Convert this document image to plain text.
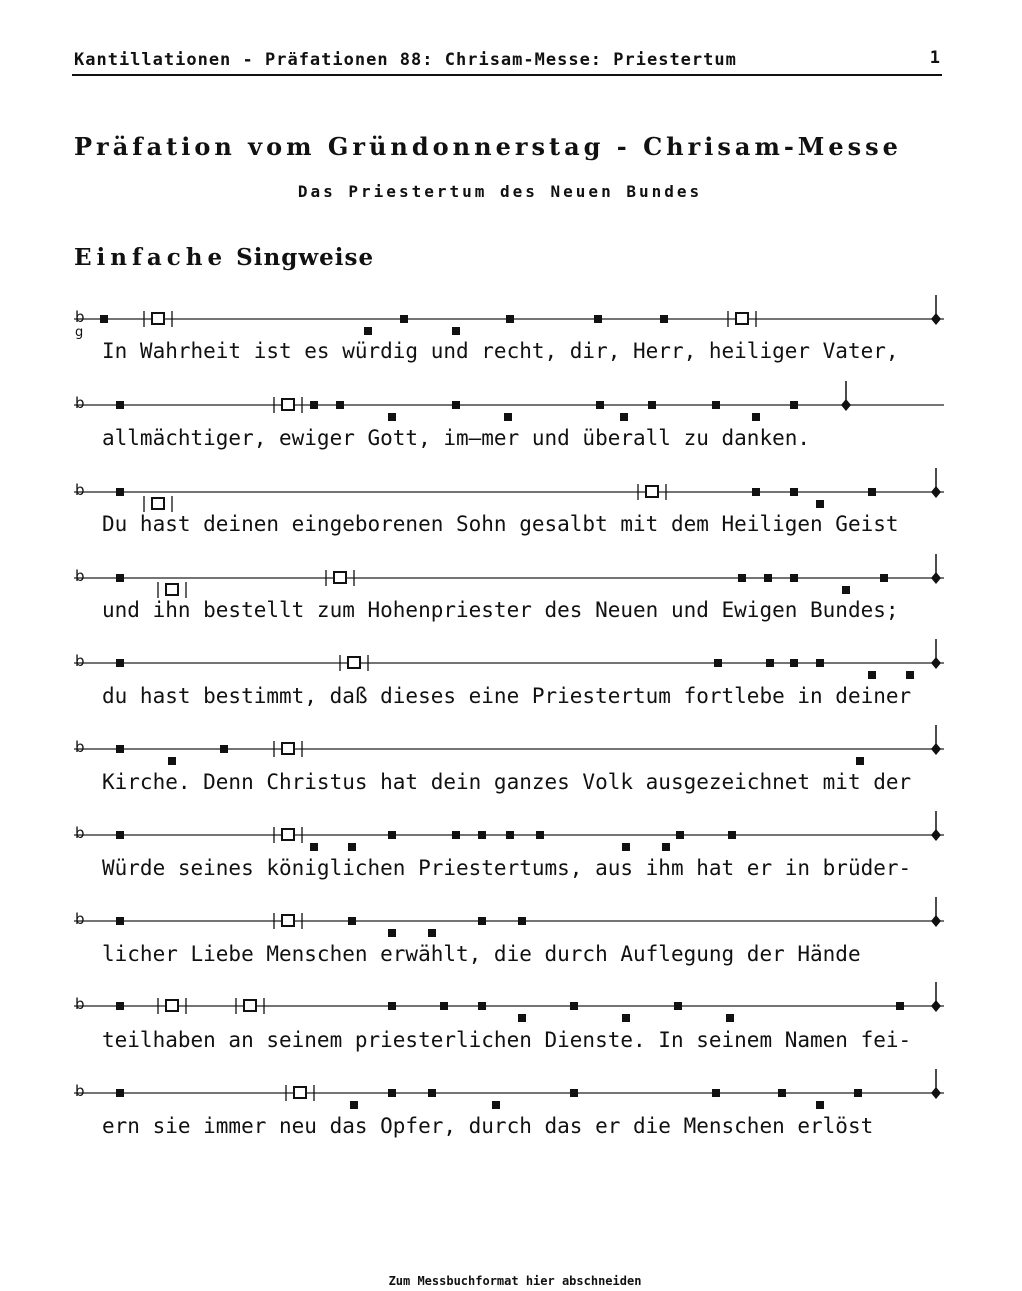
Kantillationen - Präfationen 88: Chrisam-Messe: Priestertum	1
Präfation vom Gründonnerstag - Chrisam-Messe
Das Priestertum des Neuen Bundes
Einfache Singweise
b
g
b
b
b
b
b
b
b
b
b
In Wahrheit ist es würdig und recht, dir, Herr, heiliger Vater,
allmächtiger, ewiger Gott, im—mer und überall zu danken.
Du hast deinen eingeborenen Sohn gesalbt mit dem Heiligen Geist
und ihn bestellt zum Hohenpriester des Neuen und Ewigen Bundes;
du hast bestimmt, daß dieses eine Priestertum fortlebe in deiner
Kirche. Denn Christus hat dein ganzes Volk ausgezeichnet mit der
Würde seines königlichen Priestertums, aus ihm hat er in brüder-
licher Liebe Menschen erwählt, die durch Auflegung der Hände
teilhaben an seinem priesterlichen Dienste. In seinem Namen fei-
ern sie immer neu das Opfer, durch das er die Menschen erlöst
Zum Messbuchformat hier abschneiden
